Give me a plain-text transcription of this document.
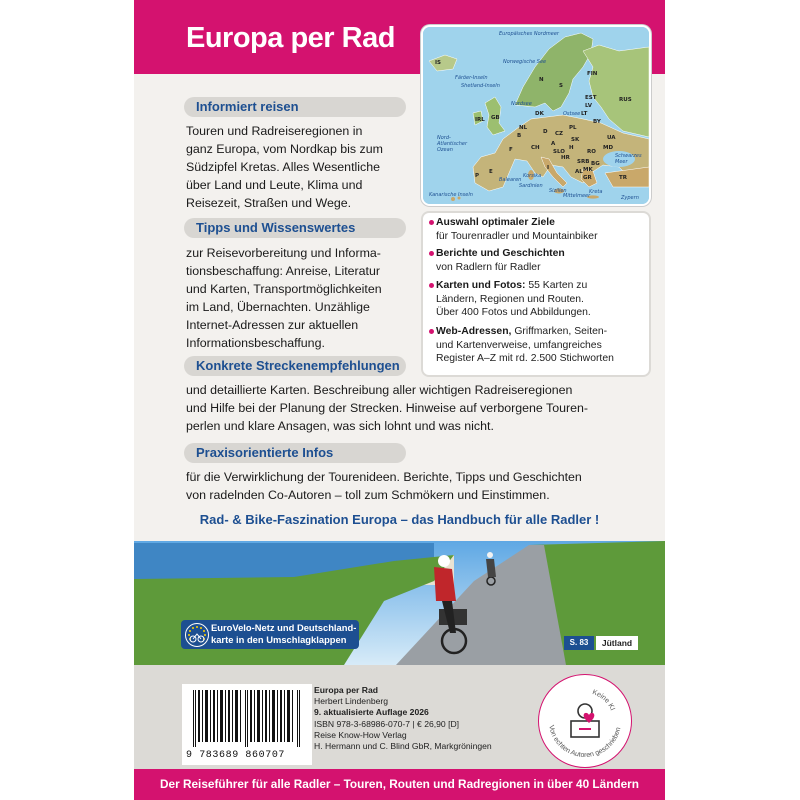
Europa per Rad	Europäisches Nordmeer
Norwegische See
Färöer-Inseln
Shetland-Inseln
Nordsee
Ostsee
Nord-Atlantischer Ozean
Balearen
Korsika
Sardinien
Sizilien
Mittelmeer
Kreta
Zypern
Schwarzes Meer
Kanarische Inseln
IS
N
FIN
S
EST
LV
LT
RUS
BY
UA
MD
RO
BG
GR	TR
PL
D
DK
NL
B
F	CH
A
CZ
SK
H
SLO
HR
I
E
P
IRL GB
AL MK
SRB
Informiert reisen
Touren und Radreiseregionen in
ganz Europa, vom Nordkap bis zum
Südzipfel Kretas. Alles Wesentliche
über Land und Leute, Klima und
Reisezeit, Straßen und Wege.
Tipps und Wissenswertes
zur Reisevorbereitung und Informa-
tionsbeschaffung: Anreise, Literatur
und Karten, Transportmöglichkeiten
im Land, Übernachten. Unzählige
Internet-Adressen zur aktuellen
Informationsbeschaffung.
Auswahl optimaler Ziele
für Tourenradler und Mountainbiker
Berichte und Geschichten
von Radlern für Radler
Karten und Fotos: 55 Karten zu
Ländern, Regionen und Routen.
Über 400 Fotos und Abbildungen.
Web-Adressen, Griffmarken, Seiten-
und Kartenverweise, umfangreiches
Register A–Z mit rd. 2.500 Stichworten
Konkrete Streckenempfehlungen
und detaillierte Karten. Beschreibung aller wichtigen Radreiseregionen
und Hilfe bei der Planung der Strecken. Hinweise auf verborgene Touren-
perlen und klare Ansagen, was sich lohnt und was nicht.
Praxisorientierte Infos
für die Verwirklichung der Tourenideen. Berichte, Tipps und Geschichten
von radelnden Co-Autoren – toll zum Schmökern und Einstimmen.
Rad- & Bike-Faszination Europa – das Handbuch für alle Radler !
EuroVelo-Netz und Deutschland-
karte in den Umschlagklappen	S. 83	Jütland
9 783689 860707
Europa per Rad
Herbert Lindenberg
9. aktualisierte Auflage 2026
ISBN 978-3-68986-070-7 | € 26,90 [D]
Reise Know-How Verlag
H. Hermann und C. Blind GbR, Markgröningen
Keine KI
Von echten Autoren geschrieben
Der Reiseführer für alle Radler – Touren, Routen und Radregionen in über 40 Ländern
